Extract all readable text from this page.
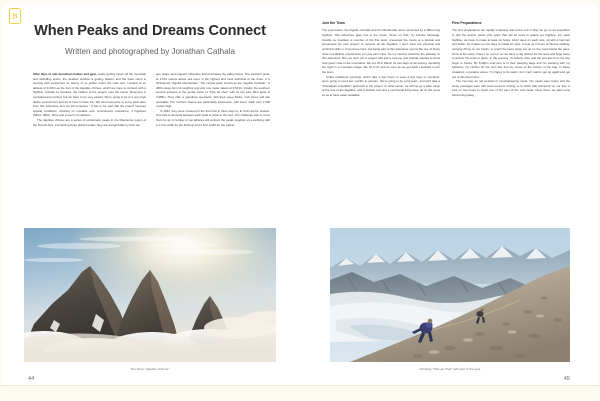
B
When Peaks and Dreams Connect
Written and photographed by Jonathan Cathala

After days of rain drenched clothes and gear, nearly getting blown off the mountain and dwindling spirits, the weather window is getting clearer, and the base camp is buzzing with excitement as twenty of us gather under the main tent. Located at an altitude of 3,000m at the foot of the Aiguilles d'Arves, which we hope to connect with a highline, Camille Le Guellaut, the initiator of the project, sets the mood, "Everyone is motivated and excited, but we have to be very careful. We're going to be in a very high alpine environment and we're here to have fun. We need everyone to come back alive from this adventure and not kill ourselves." It has to be said that the project imposes special conditions: climbing on unstable rock, commitment, endurance, 3 highlines (560m, 480m, 90m) and a touch of madness.

The Aiguilles d'Arves are a series of emblematic peaks in the Maurienne region of the French Alps. Comprising three distinct peaks, they are recognizable by their uni-

que shape and majestic silhouette that dominates the valley below. The southern peak, at 3,514 meters above sea level, is the highest and most technical of the three. It is nicknamed "Aiguille Meridionale." The central peak, known as the "Aiguille Centrale," is 480m away from its neighbor and only one meter lowest at 3,513m. Finally, the southern summit answers to the gentle name of "Tête de chat," with its two ears 90m apart at 3,358m. They offer a grandiose spectacle, with their steep flanks, rock faces and late snowfalls. The northern slopes are particularly impressive, with sheer walls over 1,000 meters high.

In 1932, they were crossed for the first time in three days by E. Pichl and E. Hacker, who had to descend between each peak to climb to the next. Our challenge was to cross them by air. A number of top athletes will connect the peaks together on a webbing with a 1.7cm width for the thinnest and 2.5cm width for the widest.

Join the Team

The year before, the Aiguille Centrale and the Méridionale were connected by a 480m long highline. This adventure gave rise to the movie "Arves en Ciel," by Antoine Mesnage. Camille Le Guellaut, a member of the first team, presented the movie at a festival and announced his new project; to connect all the Aiguilles. I don't have the physical and technical skills to cross these lines, but being part of this adventure seems like one of those once-in-a-lifetime experiences you just can't miss. So my camera would be the gateway to this adventure. But you don't join a project with just a camera, and Camille wanted to know how good I was in the mountains. We set off in March for two days of ski touring, spending the night in a mountain refuge. We hit it off, and as soon as we got back I decided to join the team.

Unlike traditional openings, which take a few hours or even a few days to complete, we're going to need two months to prepare. We're going to be a big team, and we'll take a "Himalayan expedition" approach to the project. In other words, we will set up a base camp at the foot of the Aiguilles, with a kitchen tent and a communal living area, all on the snow so as to have water available.

First Preparations

The first preparations are rapidly underway and at the end of May we go on an expedition to drill the anchor points (the spits) that will be used to attach our highline. For each highline, we have to make at least six holes, 12cm deep on each side, all with a hammer and buffer. So it takes us two days to install six spits. It took us 3 hours of intense walking, carrying 25 kg on our backs, to reach the base camp set up on the snow below the pass. Once in the camp, there's no rest for us: we have to dig pitches for the tents and huge holes to anchor the tents in place. In the evening, it's bitterly cold, and the wet feet from the day begin to freeze. By 8.30pm everyone is in their sleeping bags and I'm sleeping with my batteries, my clothes for the next day and my shoes at the bottom of the bag. In these situations, a paradox arises; I'm happy to be warm, but I can't wait to get up again and get out of this discomfort...

The next day we left at dawn in mountaineering mode. Our packs were heavy and the steep passages were still snow-covered, forcing us to climb with crampons on our feet. It took us two hours to reach one of the ears of the cat's head. Once there, we take turns hammering away,

The three "Aiguilles d'Arves"	Climbing "Tête de Chat" with part of the gear
44	45
